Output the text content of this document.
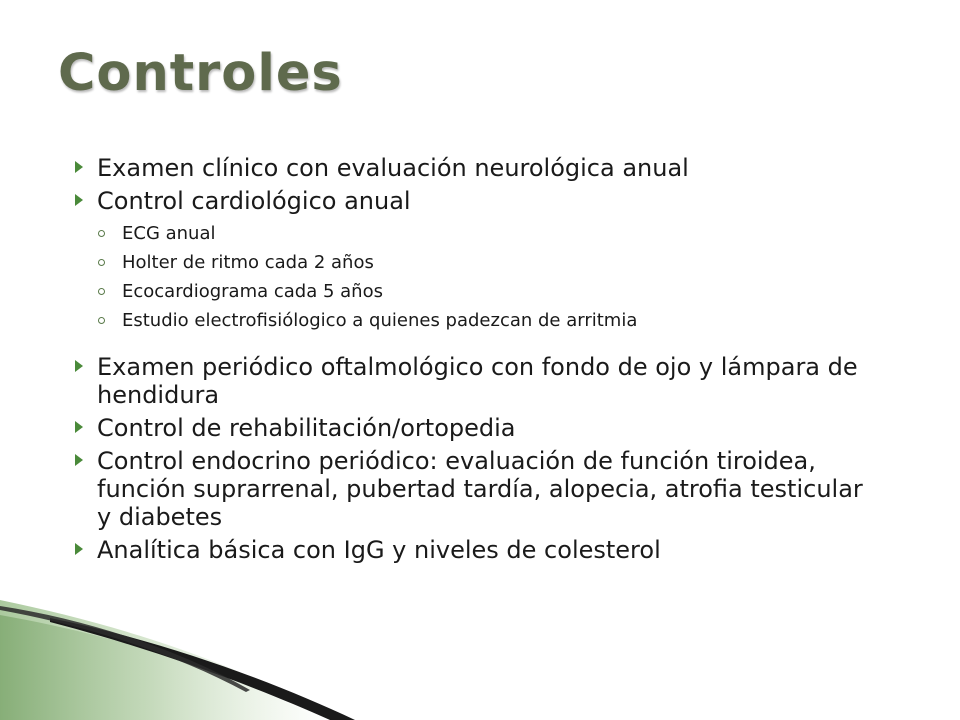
Controles
Examen clínico con evaluación neurológica anual
Control cardiológico anual
ECG anual
Holter de ritmo cada 2 años
Ecocardiograma cada 5 años
Estudio electrofisiólogico a quienes padezcan de arritmia
Examen periódico oftalmológico con fondo de ojo y lámpara de hendidura
Control de rehabilitación/ortopedia
Control endocrino periódico: evaluación de función tiroidea, función suprarrenal, pubertad tardía, alopecia, atrofia testicular y diabetes
Analítica básica con IgG y niveles de colesterol
